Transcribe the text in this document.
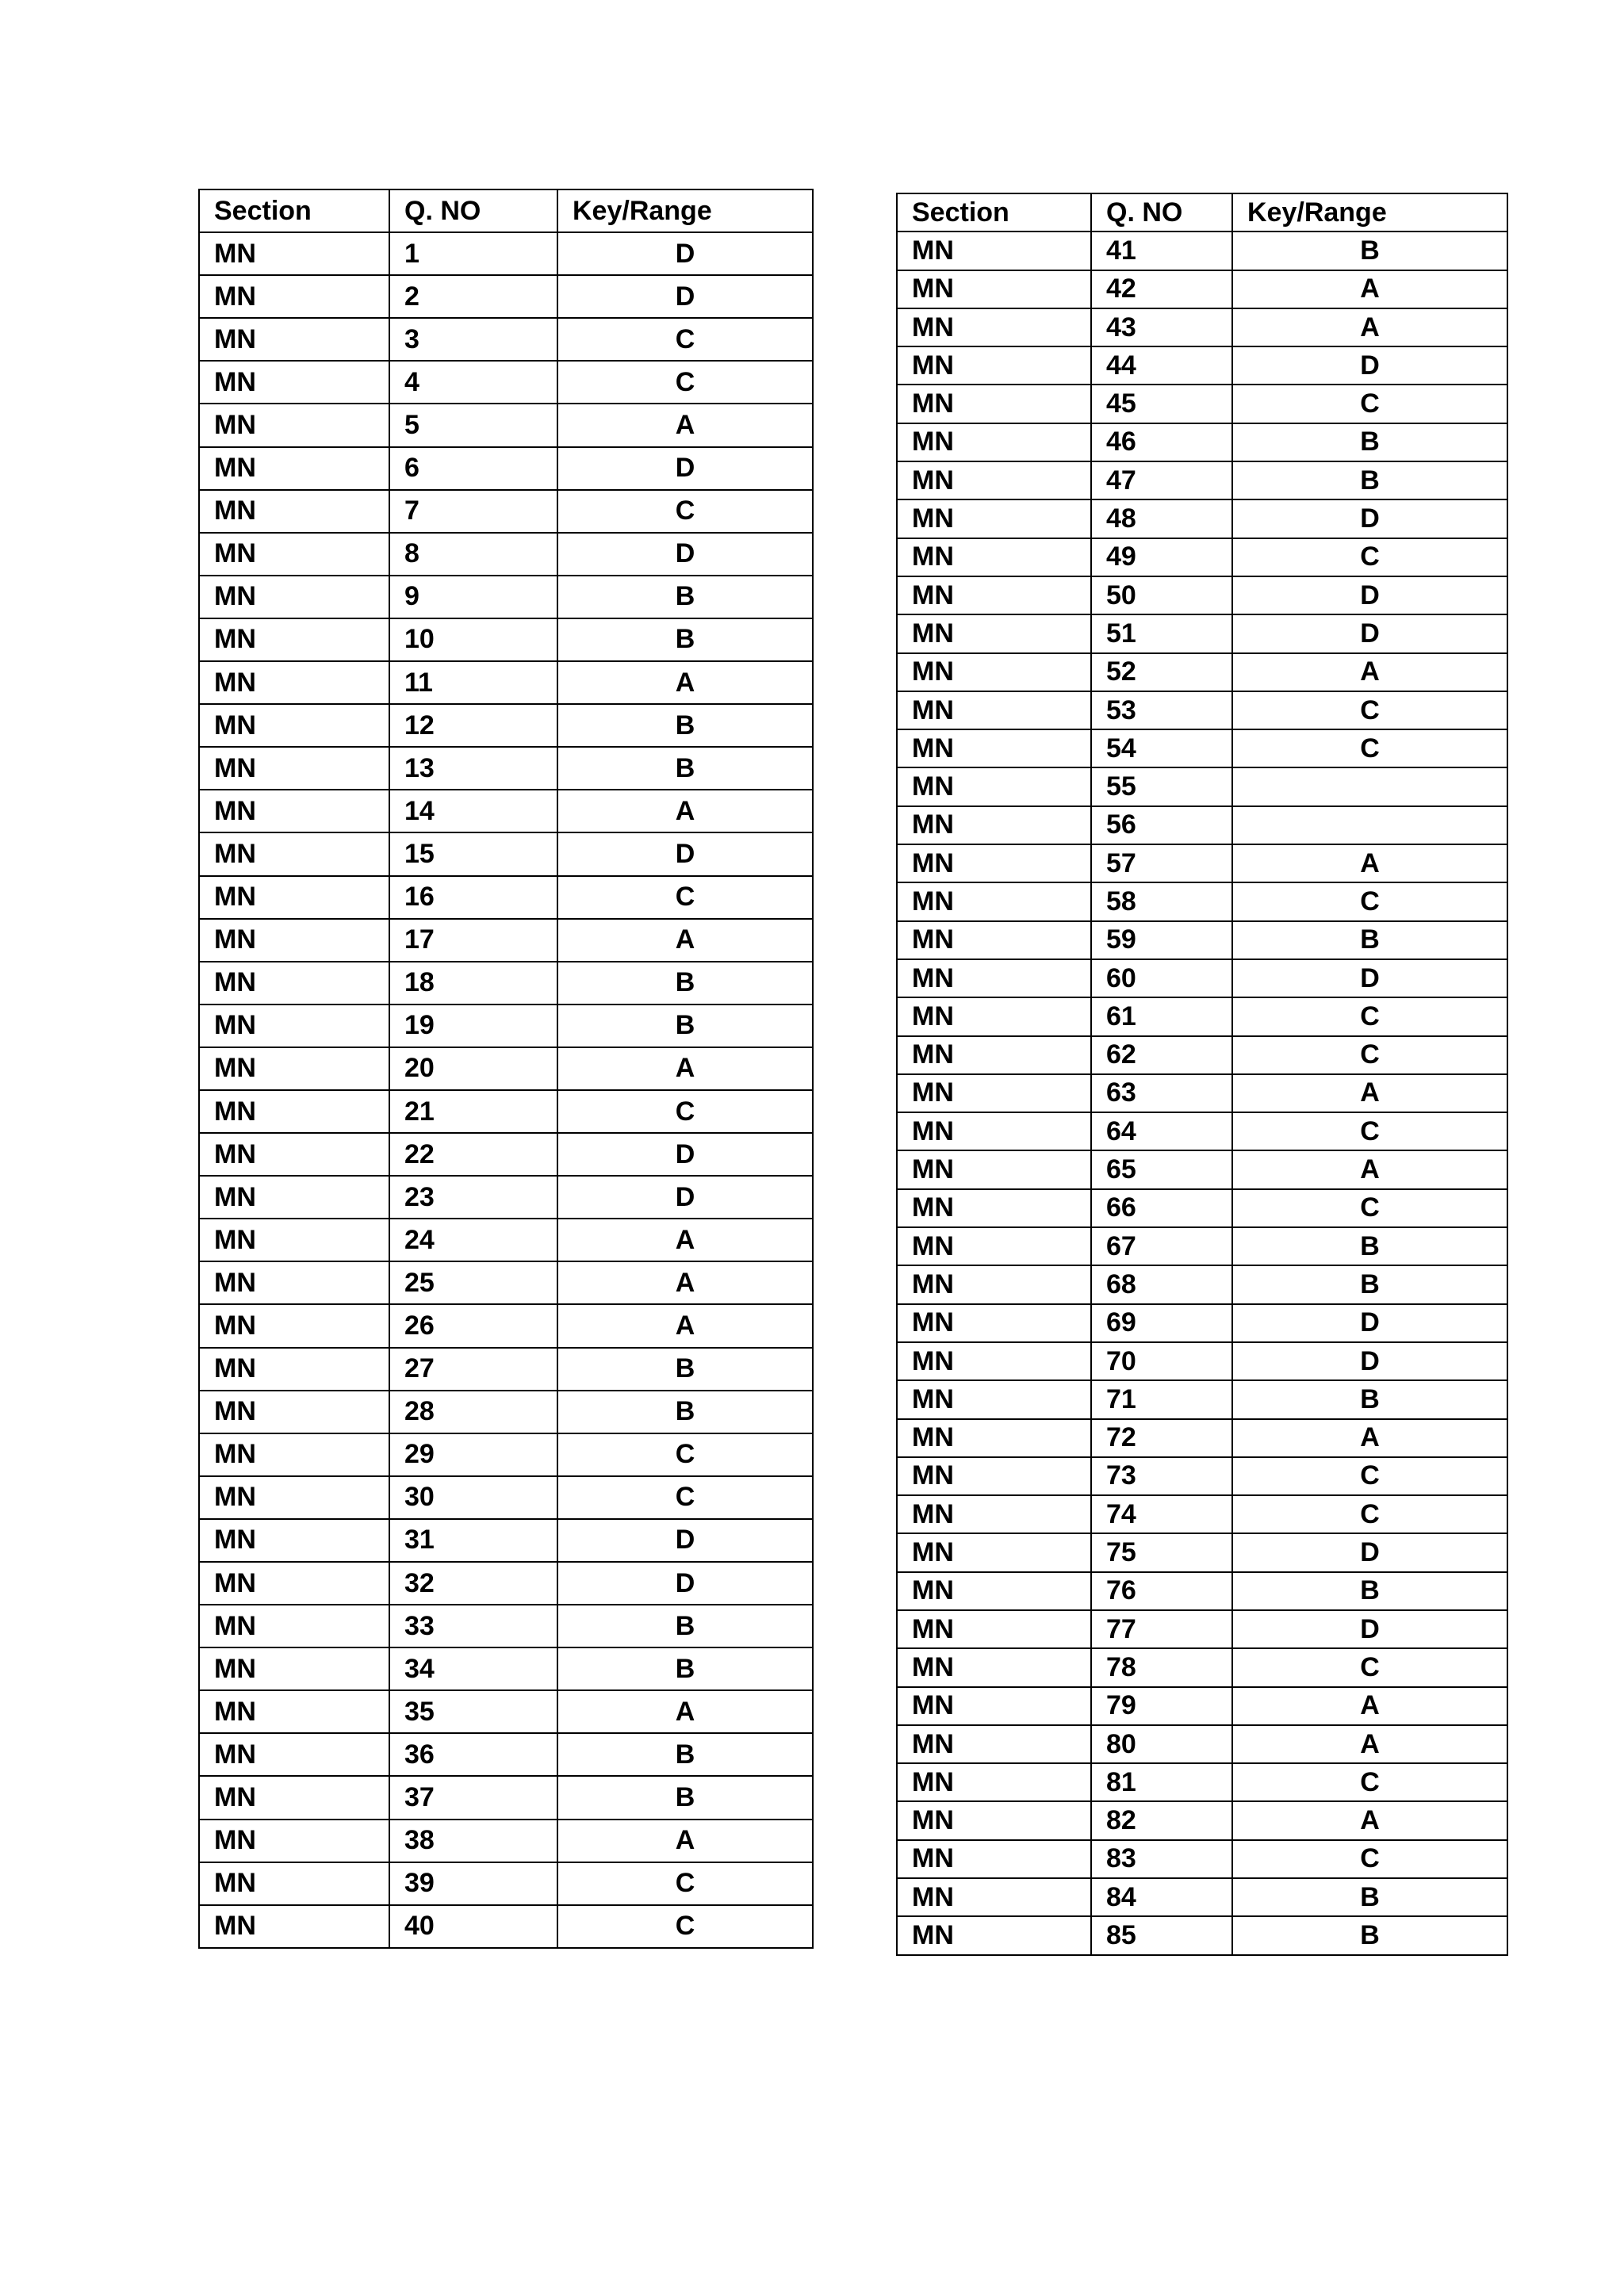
Section	Q. NO	Key/Range
MN	1	D
MN	2	D
MN	3	C
MN	4	C
MN	5	A
MN	6	D
MN	7	C
MN	8	D
MN	9	B
MN	10	B
MN	11	A
MN	12	B
MN	13	B
MN	14	A
MN	15	D
MN	16	C
MN	17	A
MN	18	B
MN	19	B
MN	20	A
MN	21	C
MN	22	D
MN	23	D
MN	24	A
MN	25	A
MN	26	A
MN	27	B
MN	28	B
MN	29	C
MN	30	C
MN	31	D
MN	32	D
MN	33	B
MN	34	B
MN	35	A
MN	36	B
MN	37	B
MN	38	A
MN	39	C
MN	40	C
Section	Q. NO	Key/Range
MN	41	B
MN	42	A
MN	43	A
MN	44	D
MN	45	C
MN	46	B
MN	47	B
MN	48	D
MN	49	C
MN	50	D
MN	51	D
MN	52	A
MN	53	C
MN	54	C
MN	55	
MN	56	
MN	57	A
MN	58	C
MN	59	B
MN	60	D
MN	61	C
MN	62	C
MN	63	A
MN	64	C
MN	65	A
MN	66	C
MN	67	B
MN	68	B
MN	69	D
MN	70	D
MN	71	B
MN	72	A
MN	73	C
MN	74	C
MN	75	D
MN	76	B
MN	77	D
MN	78	C
MN	79	A
MN	80	A
MN	81	C
MN	82	A
MN	83	C
MN	84	B
MN	85	B
